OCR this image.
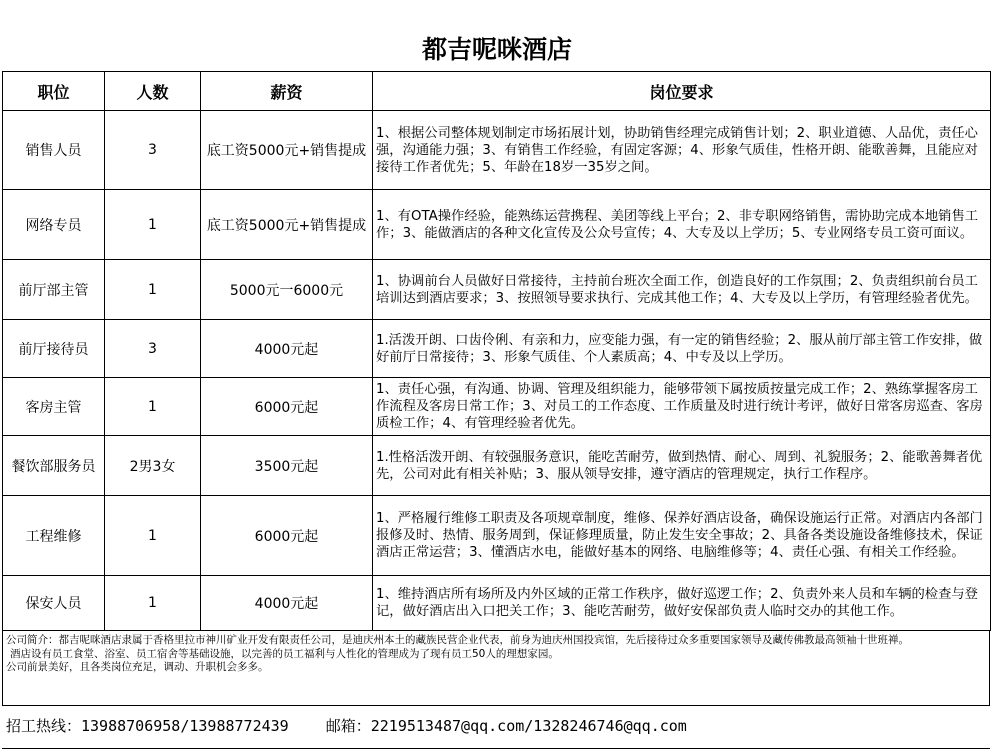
都吉呢咪酒店
职位	人数	薪资	岗位要求
销售人员	3	底工资5000元+销售提成	1、根据公司整体规划制定市场拓展计划，协助销售经理完成销售计划；2、职业道德、人品优，责任心强，沟通能力强；3、有销售工作经验，有固定客源；4、形象气质佳，性格开朗、能歌善舞，且能应对接待工作者优先；5、年龄在18岁一35岁之间。
网络专员	1	底工资5000元+销售提成	1、有OTA操作经验，能熟练运营携程、美团等线上平台；2、非专职网络销售，需协助完成本地销售工作；3、能做酒店的各种文化宣传及公众号宣传；4、大专及以上学历；5、专业网络专员工资可面议。
前厅部主管	1	5000元一6000元	1、协调前台人员做好日常接待，主持前台班次全面工作，创造良好的工作氛围；2、负责组织前台员工培训达到酒店要求；3、按照领导要求执行、完成其他工作；4、大专及以上学历，有管理经验者优先。
前厅接待员	3	4000元起	1.活泼开朗、口齿伶俐、有亲和力，应变能力强，有一定的销售经验；2、服从前厅部主管工作安排，做好前厅日常接待；3、形象气质佳、个人素质高；4、中专及以上学历。
客房主管	1	6000元起	1、责任心强，有沟通、协调、管理及组织能力，能够带领下属按质按量完成工作；2、熟练掌握客房工作流程及客房日常工作；3、对员工的工作态度、工作质量及时进行统计考评，做好日常客房巡查、客房质检工作；4、有管理经验者优先。
餐饮部服务员	2男3女	3500元起	1.性格活泼开朗、有较强服务意识，能吃苦耐劳，做到热情、耐心、周到、礼貌服务；2、能歌善舞者优先，公司对此有相关补贴；3、服从领导安排，遵守酒店的管理规定，执行工作程序。
工程维修	1	6000元起	1、严格履行维修工职责及各项规章制度，维修、保养好酒店设备，确保设施运行正常。对酒店内各部门报修及时、热情、服务周到，保证修理质量，防止发生安全事故；2、具备各类设施设备维修技术，保证酒店正常运营；3、懂酒店水电，能做好基本的网络、电脑维修等；4、责任心强、有相关工作经验。
保安人员	1	4000元起	1、维持酒店所有场所及内外区域的正常工作秩序，做好巡逻工作；2、负责外来人员和车辆的检查与登记，做好酒店出入口把关工作；3、能吃苦耐劳，做好安保部负责人临时交办的其他工作。
公司简介：都吉呢咪酒店隶属于香格里拉市神川矿业开发有限责任公司，是迪庆州本土的藏族民营企业代表，前身为迪庆州国投宾馆，先后接待过众多重要国家领导及藏传佛教最高领袖十世班禅。
酒店设有员工食堂、浴室、员工宿舍等基础设施，以完善的员工福利与人性化的管理成为了现有员工50人的理想家园。
公司前景美好，且各类岗位充足，调动、升职机会多多。
招工热线：13988706958/13988772439 邮箱：2219513487@qq.com/1328246746@qq.com
